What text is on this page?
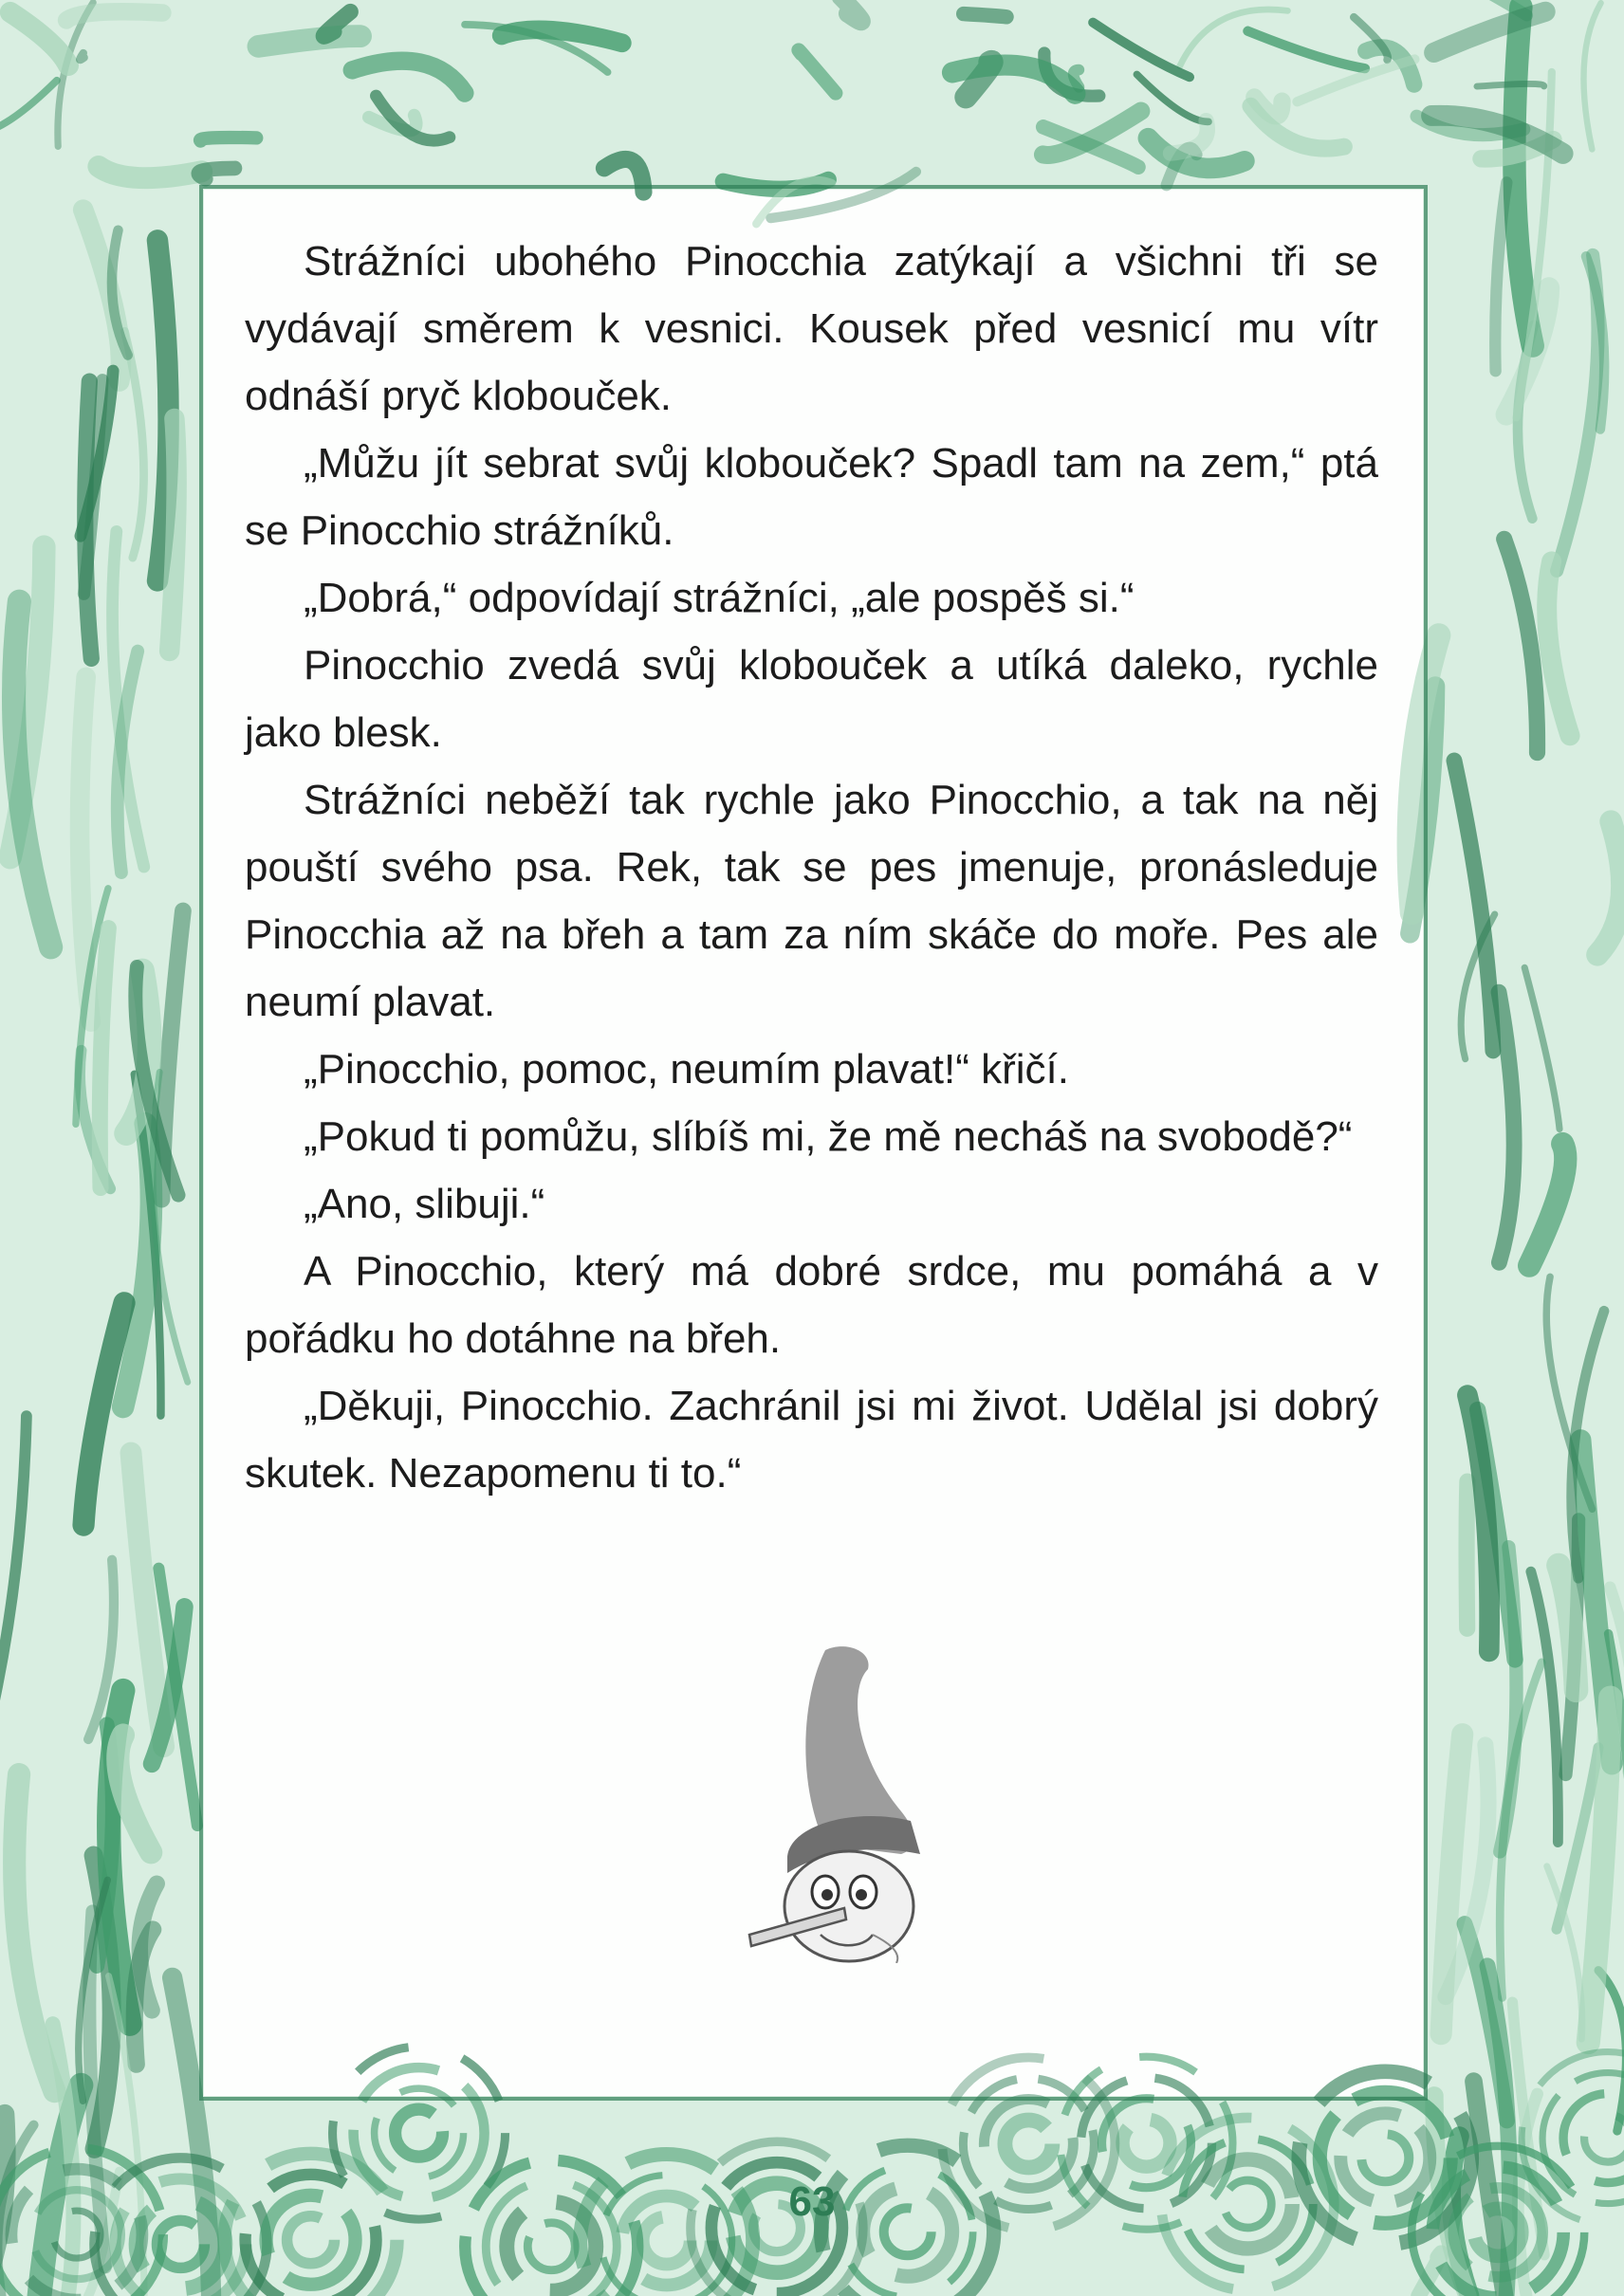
Strážníci ubohého Pinocchia zatýkají a všichni tři se vydávají směrem k vesnici. Kousek před vesnicí mu vítr odnáší pryč klobouček.

„Můžu jít sebrat svůj klobouček? Spadl tam na zem,“ ptá se Pinocchio strážníků.

„Dobrá,“ odpovídají strážníci, „ale pospěš si.“

Pinocchio zvedá svůj klobouček a utíká daleko, rychle jako blesk.

Strážníci neběží tak rychle jako Pinocchio, a tak na něj pouští svého psa. Rek, tak se pes jmenuje, pronásleduje Pinocchia až na břeh a tam za ním skáče do moře. Pes ale neumí plavat.

„Pinocchio, pomoc, neumím plavat!“ křičí.

„Pokud ti pomůžu, slíbíš mi, že mě necháš na svobodě?“

„Ano, slibuji.“

A Pinocchio, který má dobré srdce, mu pomáhá a v pořádku ho dotáhne na břeh.

„Děkuji, Pinocchio. Zachránil jsi mi život. Udělal jsi dobrý skutek. Nezapomenu ti to.“

63
